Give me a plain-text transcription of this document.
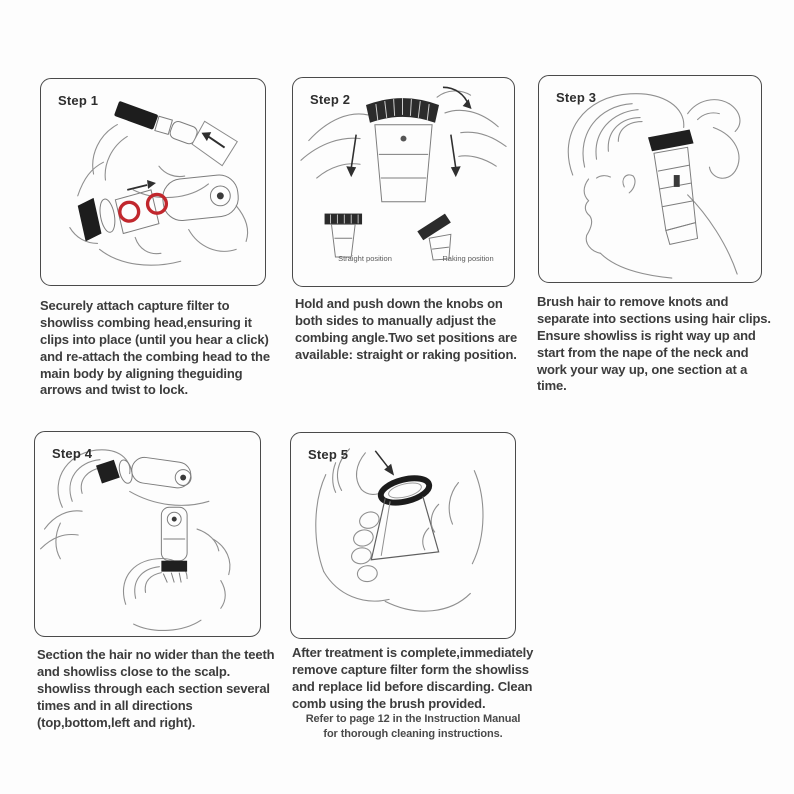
Step 1	Step 2
Straight position	Raking position
Step 3
Step 4	Step 5

Securely attach capture filter to showliss combing head,ensuring it clips into place (until you hear a click) and re-attach the combing head to the main body by aligning theguiding arrows and twist to lock.

Hold and push down the knobs on both sides to manually adjust the combing angle.Two set positions are available: straight or raking position.

Brush hair to remove knots and separate into sections using hair clips. Ensure showliss is right way up and start from the nape of the neck and work your way up, one section at a time.

Section the hair no wider than the teeth and showliss close to the scalp. showliss through each section several times and in all directions (top,bottom,left and right).

After treatment is complete,immediately remove capture filter form the showliss and replace lid before discarding. Clean comb using the brush provided.

Refer to page 12 in the Instruction Manual for thorough cleaning instructions.
